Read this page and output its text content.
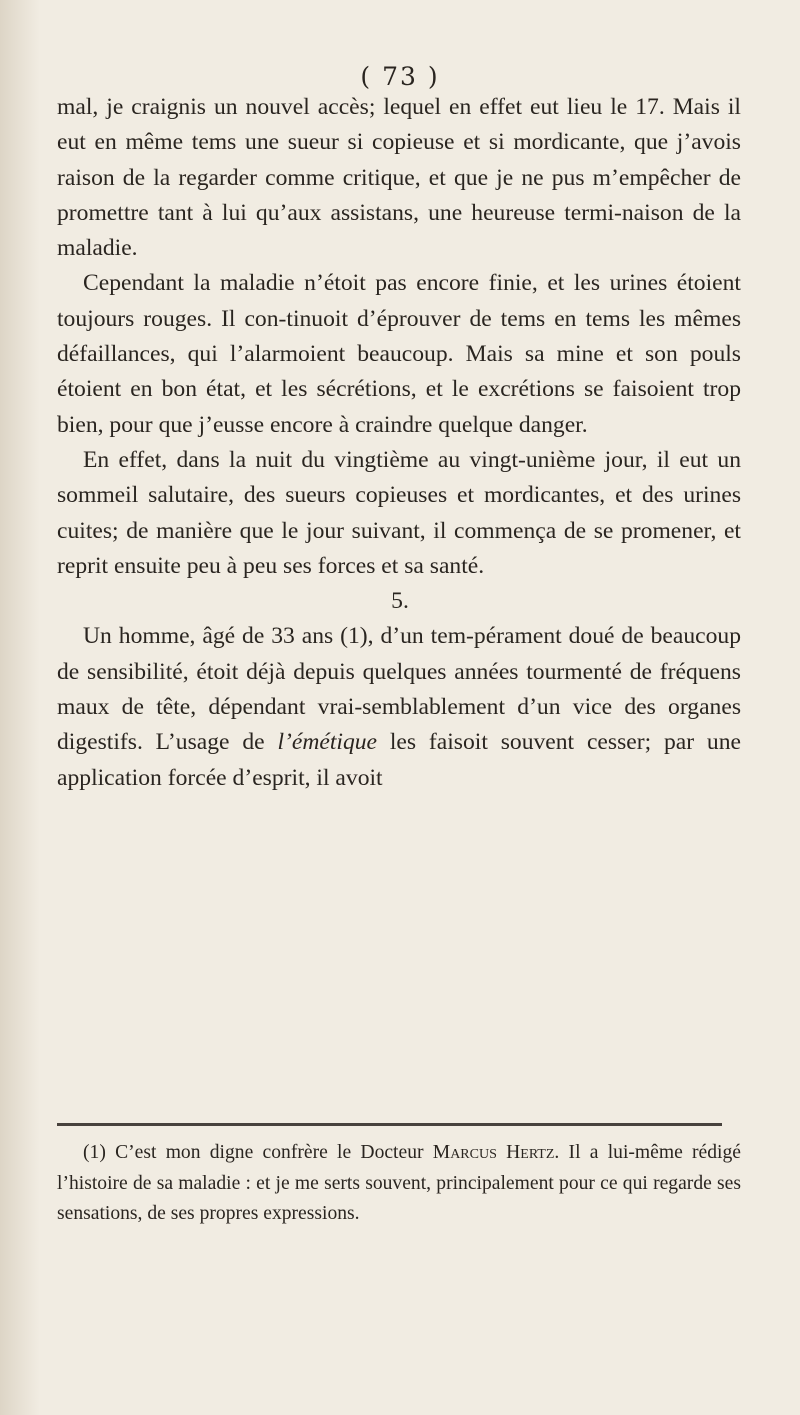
( 73 )

mal, je craignis un nouvel accès; lequel en effet eut lieu le 17. Mais il eut en même tems une sueur si copieuse et si mordicante, que j’avois raison de la regarder comme critique, et que je ne pus m’empêcher de promettre tant à lui qu’aux assistans, une heureuse termi-naison de la maladie.

Cependant la maladie n’étoit pas encore finie, et les urines étoient toujours rouges. Il con-tinuoit d’éprouver de tems en tems les mêmes défaillances, qui l’alarmoient beaucoup. Mais sa mine et son pouls étoient en bon état, et les sécrétions, et le excrétions se faisoient trop bien, pour que j’eusse encore à craindre quelque danger.

En effet, dans la nuit du vingtième au vingt-unième jour, il eut un sommeil salutaire, des sueurs copieuses et mordicantes, et des urines cuites; de manière que le jour suivant, il commença de se promener, et reprit ensuite peu à peu ses forces et sa santé.

5.

Un homme, âgé de 33 ans (1), d’un tem-pérament doué de beaucoup de sensibilité, étoit déjà depuis quelques années tourmenté de fréquens maux de tête, dépendant vrai-semblablement d’un vice des organes digestifs. L’usage de l’émétique les faisoit souvent cesser; par une application forcée d’esprit, il avoit

(1) C’est mon digne confrère le Docteur Marcus Hertz. Il a lui-même rédigé l’histoire de sa maladie : et je me serts souvent, principalement pour ce qui regarde ses sensations, de ses propres expressions.
